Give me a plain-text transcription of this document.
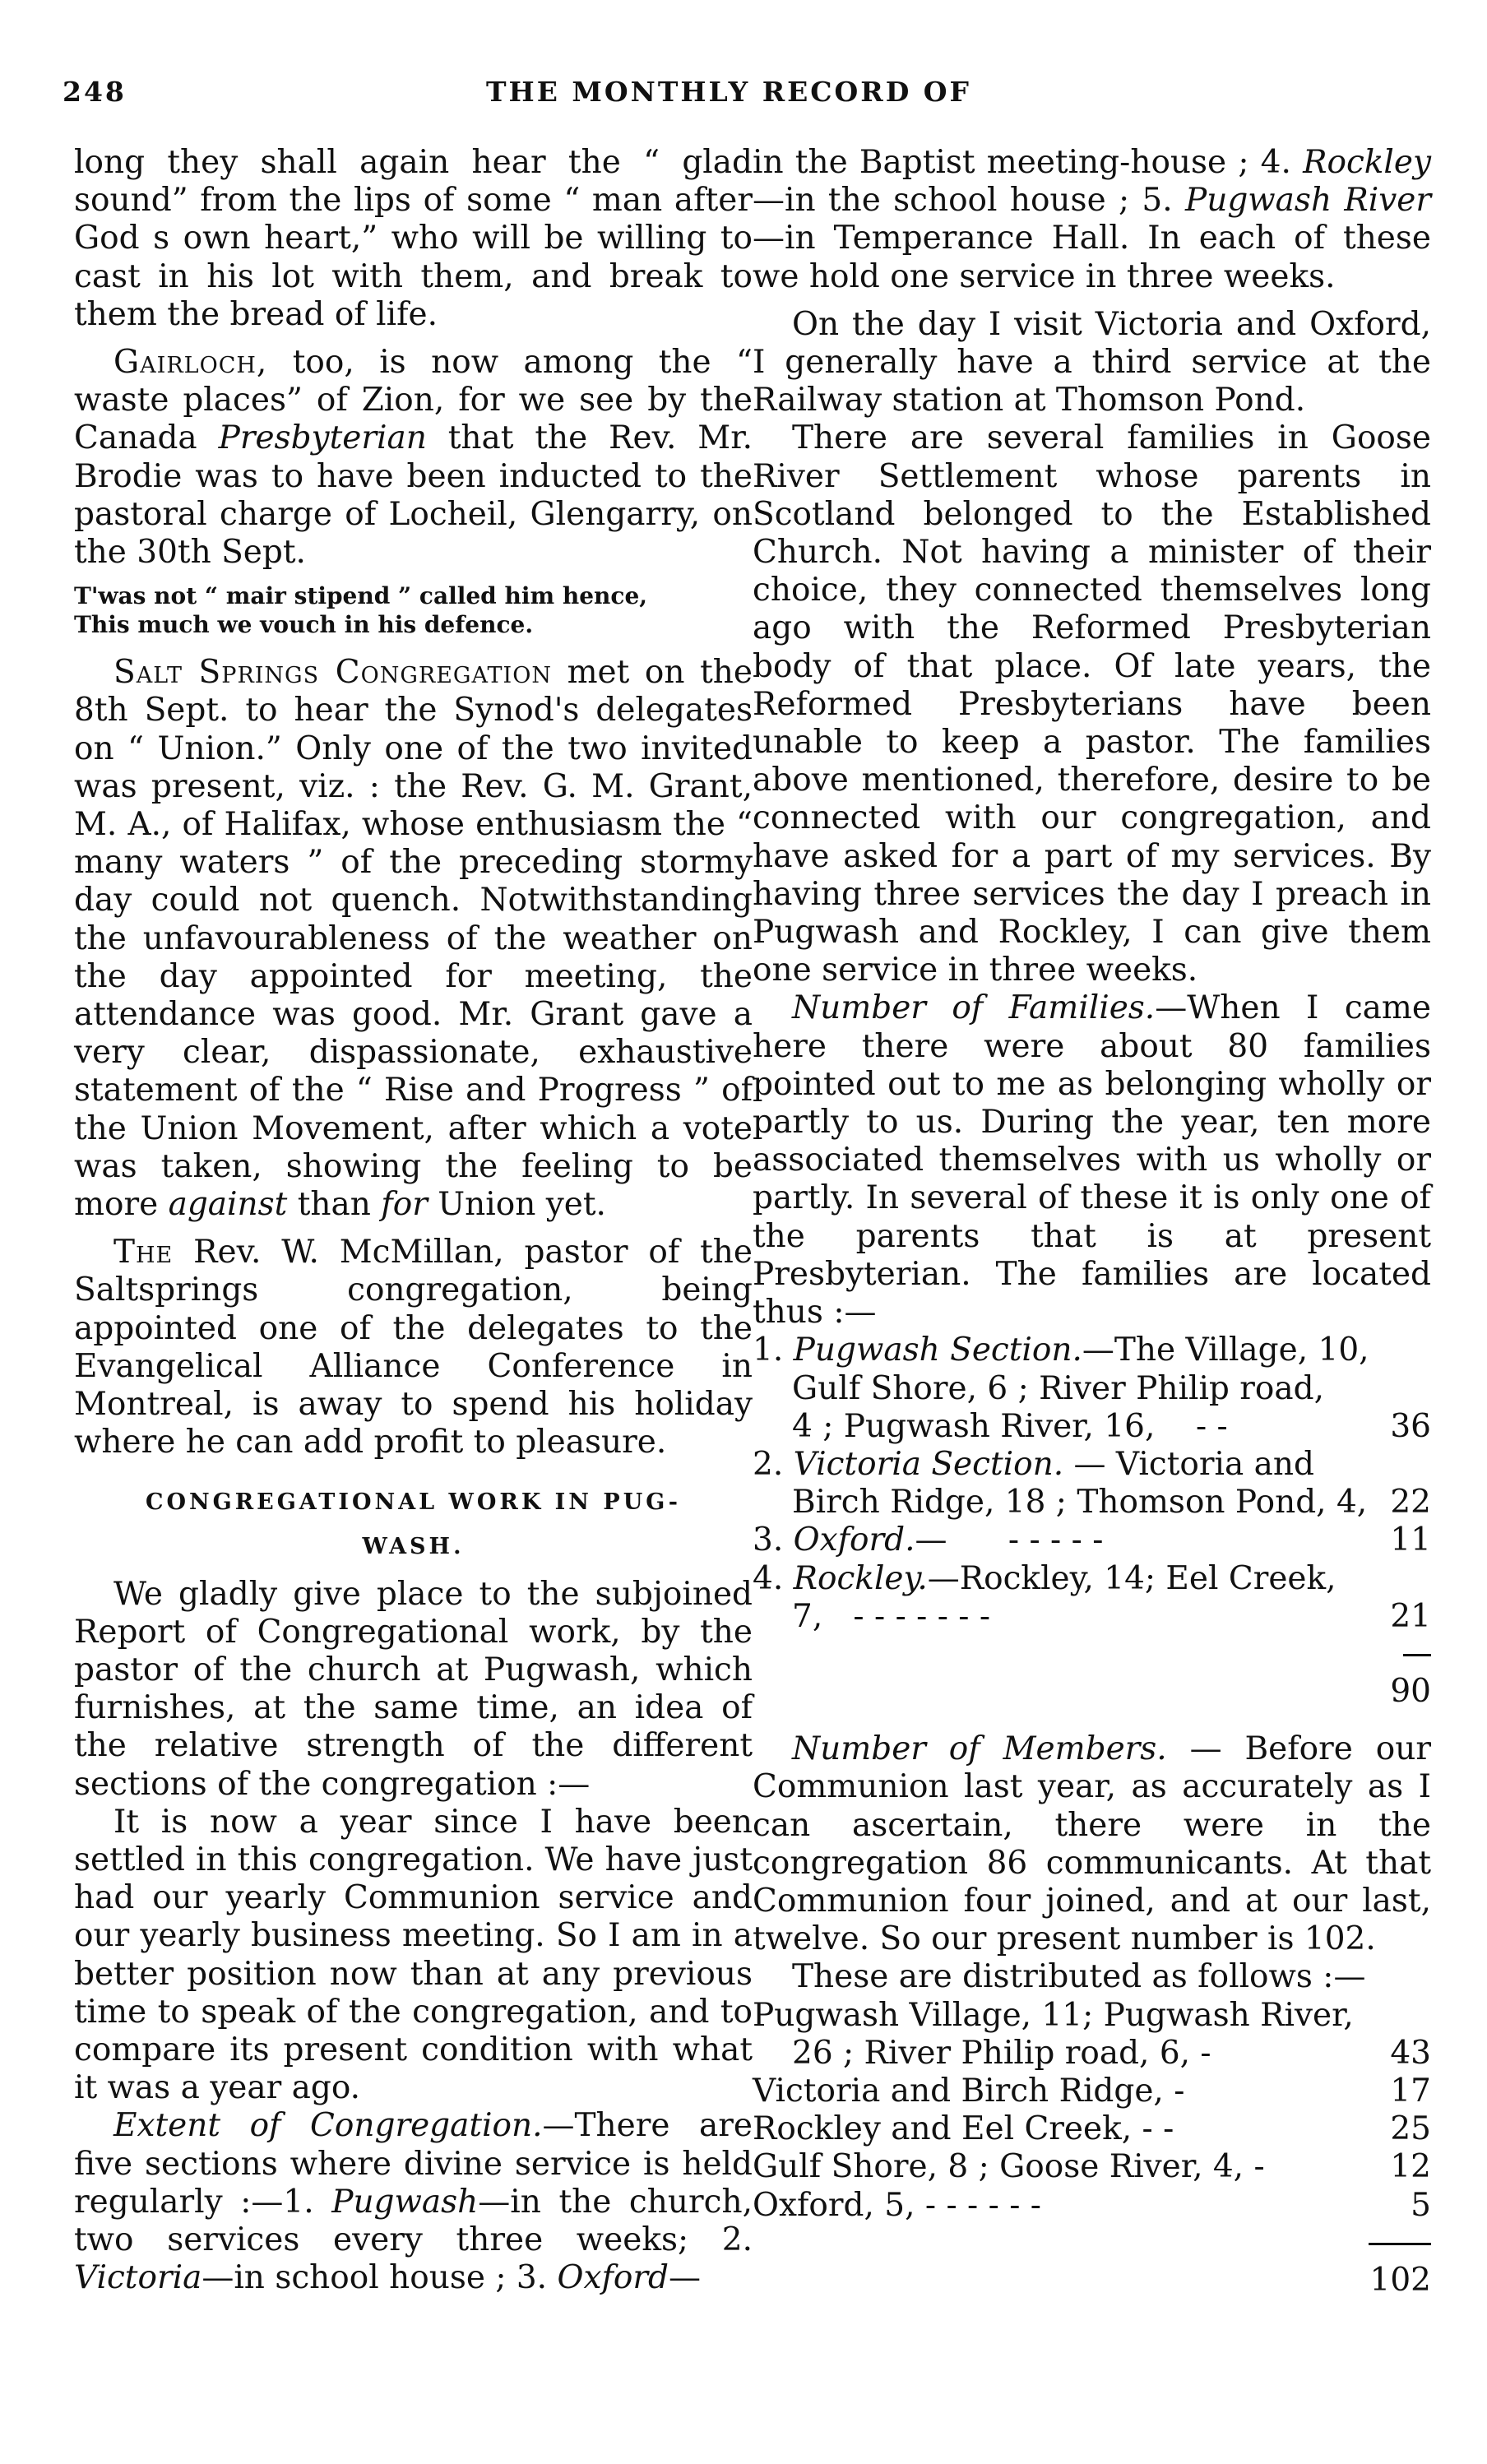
248	THE MONTHLY RECORD OF

long they shall again hear the “ glad sound” from the lips of some “ man after God s own heart,” who will be willing to cast in his lot with them, and break to them the bread of life.

Gairloch, too, is now among the “ waste places” of Zion, for we see by the Canada Presbyterian that the Rev. Mr. Brodie was to have been inducted to the pastoral charge of Locheil, Glengarry, on the 30th Sept.

T'was not “ mair stipend ” called him hence,
This much we vouch in his defence.

Salt Springs Congregation met on the 8th Sept. to hear the Synod's delegates on “ Union.” Only one of the two invited was present, viz. : the Rev. G. M. Grant, M. A., of Halifax, whose enthusiasm the “ many waters ” of the preceding stormy day could not quench. Notwithstanding the unfavourableness of the weather on the day appointed for meeting, the attendance was good. Mr. Grant gave a very clear, dispassionate, exhaustive statement of the “ Rise and Progress ” of the Union Movement, after which a vote was taken, showing the feeling to be more against than for Union yet.

The Rev. W. McMillan, pastor of the Saltsprings congregation, being appointed one of the delegates to the Evangelical Alliance Conference in Montreal, is away to spend his holiday where he can add profit to pleasure.

CONGREGATIONAL WORK IN PUG-
WASH.

We gladly give place to the subjoined Report of Congregational work, by the pastor of the church at Pugwash, which furnishes, at the same time, an idea of the relative strength of the different sections of the congregation :—

It is now a year since I have been settled in this congregation. We have just had our yearly Communion service and our yearly business meeting. So I am in a better position now than at any previous time to speak of the congregation, and to compare its present condition with what it was a year ago.

Extent of Congregation.—There are five sections where divine service is held regularly :—1. Pugwash—in the church, two services every three weeks; 2. Victoria—in school house ; 3. Oxford—

in the Baptist meeting-house ; 4. Rockley—in the school house ; 5. Pugwash River—in Temperance Hall. In each of these we hold one service in three weeks.

On the day I visit Victoria and Oxford, I generally have a third service at the Railway station at Thomson Pond.

There are several families in Goose River Settlement whose parents in Scotland belonged to the Established Church. Not having a minister of their choice, they connected themselves long ago with the Reformed Presbyterian body of that place. Of late years, the Reformed Presbyterians have been unable to keep a pastor. The families above mentioned, therefore, desire to be connected with our congregation, and have asked for a part of my services. By having three services the day I preach in Pugwash and Rockley, I can give them one service in three weeks.

Number of Families.—When I came here there were about 80 families pointed out to me as belonging wholly or partly to us. During the year, ten more associated themselves with us wholly or partly. In several of these it is only one of the parents that is at present Presbyterian. The families are located thus :—

1. Pugwash Section.—The Village, 10,
Gulf Shore, 6 ; River Philip road,
4 ; Pugwash River, 16, - -	36
2. Victoria Section. — Victoria and
Birch Ridge, 18 ; Thomson Pond, 4, 22
3. Oxford.— - - - - -	11
4. Rockley.—Rockley, 14; Eel Creek,
7, - - - - - - -	21
90

Number of Members. — Before our Communion last year, as accurately as I can ascertain, there were in the congregation 86 communicants. At that Communion four joined, and at our last, twelve. So our present number is 102.

These are distributed as follows :—

Pugwash Village, 11; Pugwash River,
26 ; River Philip road, 6, -	43
Victoria and Birch Ridge, -	17
Rockley and Eel Creek, - -	25
Gulf Shore, 8 ; Goose River, 4, -	12
Oxford, 5, - - - - - -	5
102
